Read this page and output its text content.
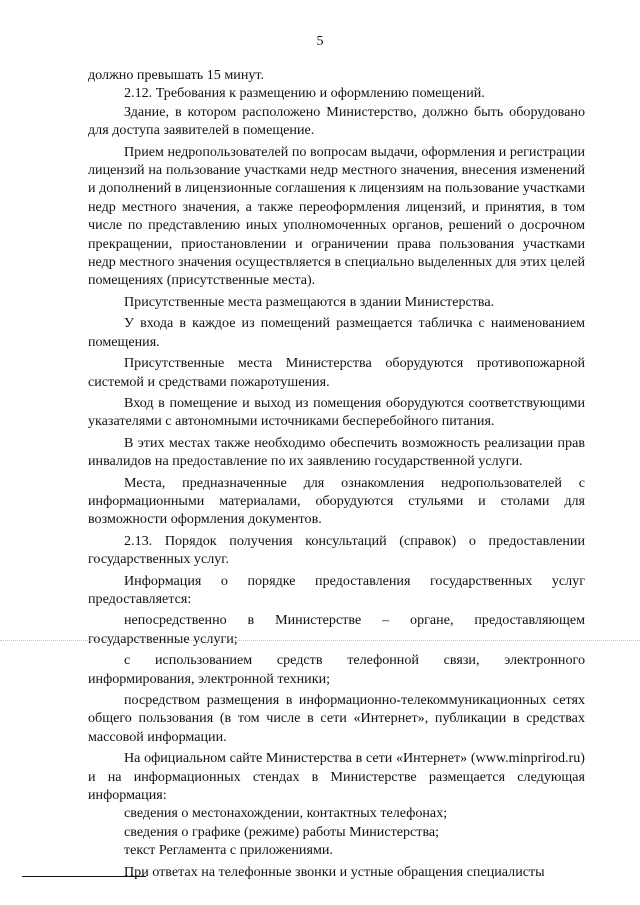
5

должно превышать 15 минут.

2.12. Требования к размещению и оформлению помещений.

Здание, в котором расположено Министерство, должно быть оборудовано для доступа заявителей в помещение.

Прием недропользователей по вопросам выдачи, оформления и регистрации лицензий на пользование участками недр местного значения, внесения изменений и дополнений в лицензионные соглашения к лицензиям на пользование участками недр местного значения, а также переоформления лицензий, и принятия, в том числе по представлению иных уполномоченных органов, решений о досрочном прекращении, приостановлении и ограничении права пользования участками недр местного значения осуществляется в специально выделенных для этих целей помещениях (присутственные места).

Присутственные места размещаются в здании Министерства.

У входа в каждое из помещений размещается табличка с наименованием помещения.

Присутственные места Министерства оборудуются противопожарной системой и средствами пожаротушения.

Вход в помещение и выход из помещения оборудуются соответствующими указателями с автономными источниками бесперебойного питания.

В этих местах также необходимо обеспечить возможность реализации прав инвалидов на предоставление по их заявлению государственной услуги.

Места, предназначенные для ознакомления недропользователей с информационными материалами, оборудуются стульями и столами для возможности оформления документов.

2.13. Порядок получения консультаций (справок) о предоставлении государственных услуг.

Информация о порядке предоставления государственных услуг предоставляется:

непосредственно в Министерстве – органе, предоставляющем государственные услуги;

с использованием средств телефонной связи, электронного информирования, электронной техники;

посредством размещения в информационно-телекоммуникационных сетях общего пользования (в том числе в сети «Интернет», публикации в средствах массовой информации.

На официальном сайте Министерства в сети «Интернет» (www.minprirod.ru) и на информационных стендах в Министерстве размещается следующая информация:

сведения о местонахождении, контактных телефонах;

сведения о графике (режиме) работы Министерства;

текст Регламента с приложениями.

При ответах на телефонные звонки и устные обращения специалисты
